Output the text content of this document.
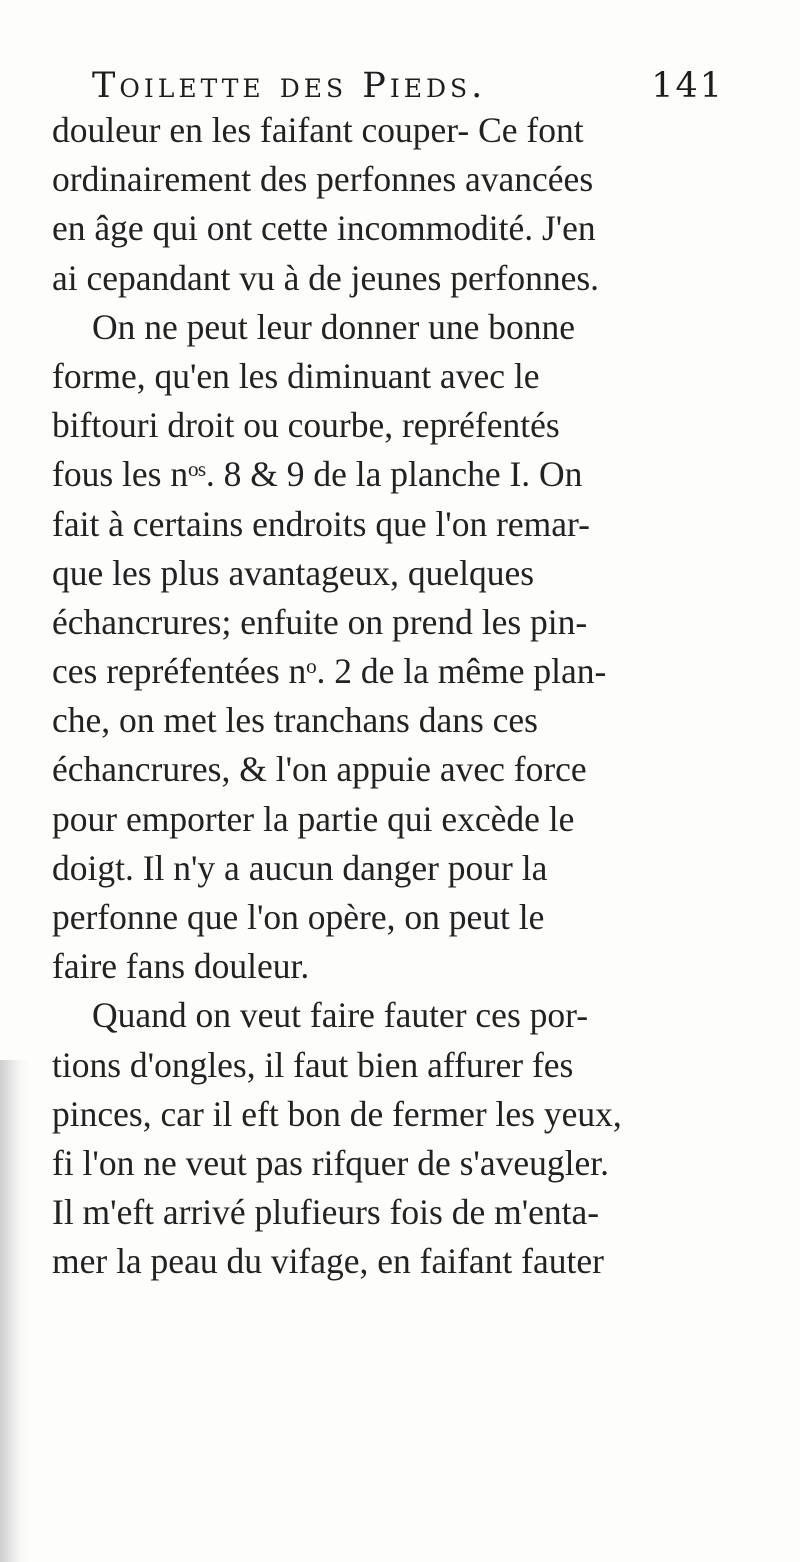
Toilette des Pieds.	141
douleur en les faifant couper- Ce font
ordinairement des perfonnes avancées
en âge qui ont cette incommodité. J'en
ai cepandant vu à de jeunes perfonnes.
On ne peut leur donner une bonne
forme, qu'en les diminuant avec le
biftouri droit ou courbe, repréfentés
fous les nᵒˢ. 8 & 9 de la planche I. On
fait à certains endroits que l'on remar-
que les plus avantageux, quelques
échancrures; enfuite on prend les pin-
ces repréfentées nᵒ. 2 de la même plan-
che, on met les tranchans dans ces
échancrures, & l'on appuie avec force
pour emporter la partie qui excède le
doigt. Il n'y a aucun danger pour la
perfonne que l'on opère, on peut le
faire fans douleur.
Quand on veut faire fauter ces por-
tions d'ongles, il faut bien affurer fes
pinces, car il eft bon de fermer les yeux,
fi l'on ne veut pas rifquer de s'aveugler.
Il m'eft arrivé plufieurs fois de m'enta-
mer la peau du vifage, en faifant fauter
